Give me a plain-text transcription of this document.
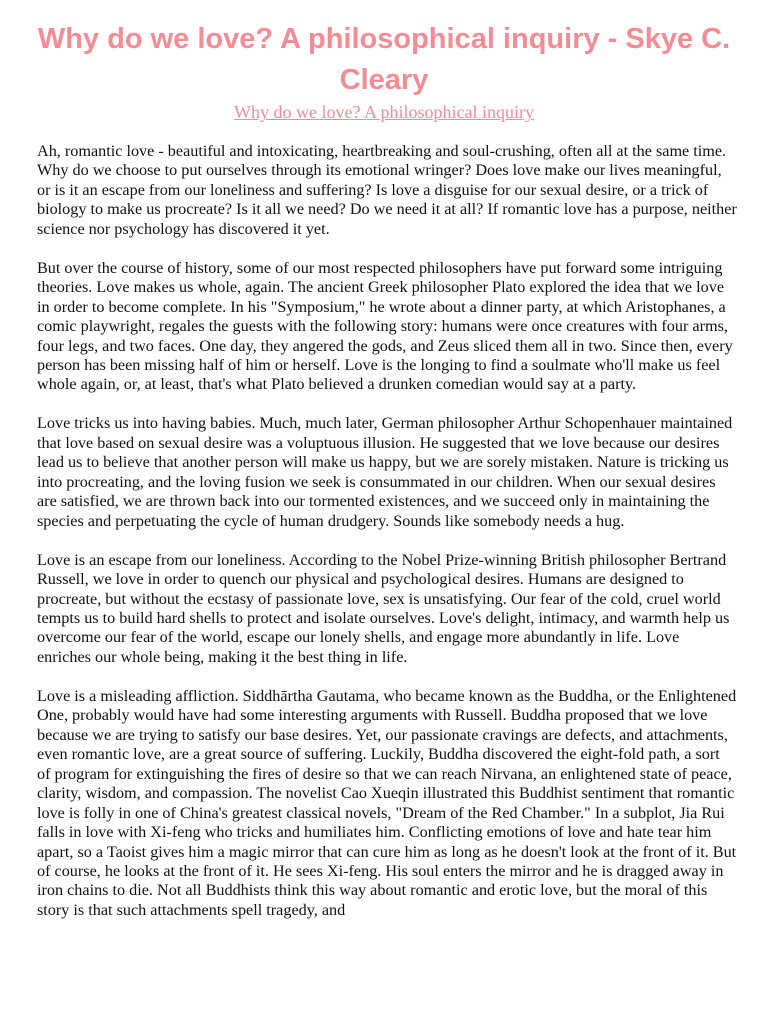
Why do we love? A philosophical inquiry - Skye C. Cleary
Why do we love? A philosophical inquiry

Ah, romantic love - beautiful and intoxicating, heartbreaking and soul-crushing, often all at the same time. Why do we choose to put ourselves through its emotional wringer? Does love make our lives meaningful, or is it an escape from our loneliness and suffering? Is love a disguise for our sexual desire, or a trick of biology to make us procreate? Is it all we need? Do we need it at all? If romantic love has a purpose, neither science nor psychology has discovered it yet.

But over the course of history, some of our most respected philosophers have put forward some intriguing theories. Love makes us whole, again. The ancient Greek philosopher Plato explored the idea that we love in order to become complete. In his "Symposium," he wrote about a dinner party, at which Aristophanes, a comic playwright, regales the guests with the following story: humans were once creatures with four arms, four legs, and two faces. One day, they angered the gods, and Zeus sliced them all in two. Since then, every person has been missing half of him or herself. Love is the longing to find a soulmate who'll make us feel whole again, or, at least, that's what Plato believed a drunken comedian would say at a party.

Love tricks us into having babies. Much, much later, German philosopher Arthur Schopenhauer maintained that love based on sexual desire was a voluptuous illusion. He suggested that we love because our desires lead us to believe that another person will make us happy, but we are sorely mistaken. Nature is tricking us into procreating, and the loving fusion we seek is consummated in our children. When our sexual desires are satisfied, we are thrown back into our tormented existences, and we succeed only in maintaining the species and perpetuating the cycle of human drudgery. Sounds like somebody needs a hug.

Love is an escape from our loneliness. According to the Nobel Prize-winning British philosopher Bertrand Russell, we love in order to quench our physical and psychological desires. Humans are designed to procreate, but without the ecstasy of passionate love, sex is unsatisfying. Our fear of the cold, cruel world tempts us to build hard shells to protect and isolate ourselves. Love's delight, intimacy, and warmth help us overcome our fear of the world, escape our lonely shells, and engage more abundantly in life. Love enriches our whole being, making it the best thing in life.

Love is a misleading affliction. Siddhārtha Gautama, who became known as the Buddha, or the Enlightened One, probably would have had some interesting arguments with Russell. Buddha proposed that we love because we are trying to satisfy our base desires. Yet, our passionate cravings are defects, and attachments, even romantic love, are a great source of suffering. Luckily, Buddha discovered the eight-fold path, a sort of program for extinguishing the fires of desire so that we can reach Nirvana, an enlightened state of peace, clarity, wisdom, and compassion. The novelist Cao Xueqin illustrated this Buddhist sentiment that romantic love is folly in one of China's greatest classical novels, "Dream of the Red Chamber." In a subplot, Jia Rui falls in love with Xi-feng who tricks and humiliates him. Conflicting emotions of love and hate tear him apart, so a Taoist gives him a magic mirror that can cure him as long as he doesn't look at the front of it. But of course, he looks at the front of it. He sees Xi-feng. His soul enters the mirror and he is dragged away in iron chains to die. Not all Buddhists think this way about romantic and erotic love, but the moral of this story is that such attachments spell tragedy, and
